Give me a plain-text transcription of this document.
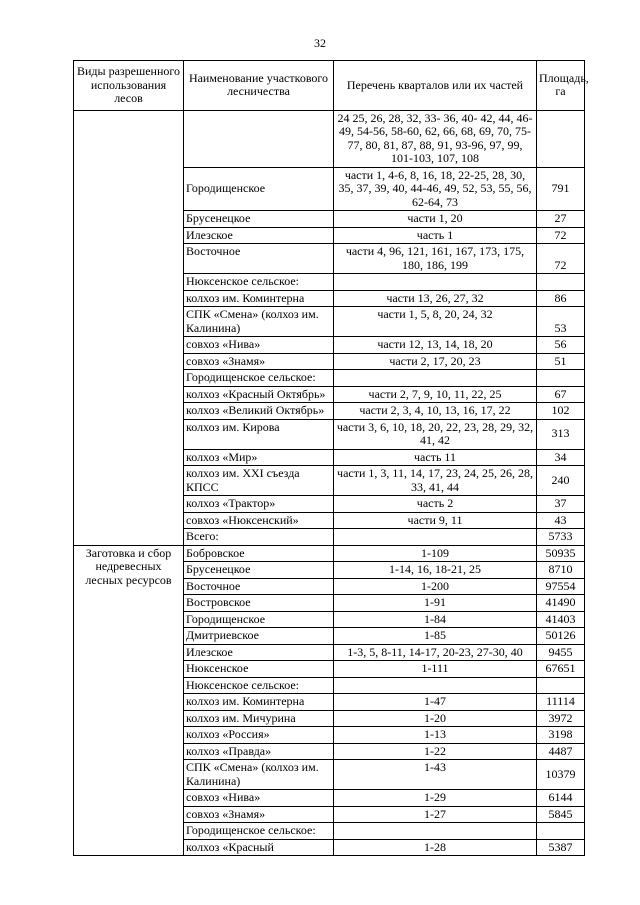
32
Виды разрешенного использования лесов	Наименование участкового лесничества	Перечень кварталов или их частей	Площадь, га
		24 25, 26, 28, 32, 33- 36, 40- 42, 44, 46- 49, 54-56, 58-60, 62, 66, 68, 69, 70, 75-77, 80, 81, 87, 88, 91, 93-96, 97, 99, 101-103, 107, 108	
	Городищенское	части 1, 4-6, 8, 16, 18, 22-25, 28, 30, 35, 37, 39, 40, 44-46, 49, 52, 53, 55, 56, 62-64, 73	791
	Брусенецкое	части 1, 20	27
	Илезское	часть 1	72
	Восточное	части 4, 96, 121, 161, 167, 173, 175, 180, 186, 199	72
	Нюксенское сельское:		
	колхоз им. Коминтерна	части 13, 26, 27, 32	86
	СПК «Смена» (колхоз им. Калинина)	части 1, 5, 8, 20, 24, 32	53
	совхоз «Нива»	части 12, 13, 14, 18, 20	56
	совхоз «Знамя»	части 2, 17, 20, 23	51
	Городищенское сельское:		
	колхоз «Красный Октябрь»	части 2, 7, 9, 10, 11, 22, 25	67
	колхоз «Великий Октябрь»	части 2, 3, 4, 10, 13, 16, 17, 22	102
	колхоз им. Кирова	части 3, 6, 10, 18, 20, 22, 23, 28, 29, 32, 41, 42	313
	колхоз «Мир»	часть 11	34
	колхоз им. XXI съезда КПСС	части 1, 3, 11, 14, 17, 23, 24, 25, 26, 28, 33, 41, 44	240
	колхоз «Трактор»	часть 2	37
	совхоз «Нюксенский»	части 9, 11	43
	Всего:		5733
Заготовка и сбор недревесных лесных ресурсов	Бобровское	1-109	50935
	Брусенецкое	1-14, 16, 18-21, 25	8710
	Восточное	1-200	97554
	Востровское	1-91	41490
	Городищенское	1-84	41403
	Дмитриевское	1-85	50126
	Илезское	1-3, 5, 8-11, 14-17, 20-23, 27-30, 40	9455
	Нюксенское	1-111	67651
	Нюксенское сельское:		
	колхоз им. Коминтерна	1-47	11114
	колхоз им. Мичурина	1-20	3972
	колхоз «Россия»	1-13	3198
	колхоз «Правда»	1-22	4487
	СПК «Смена» (колхоз им. Калинина)	1-43	10379
	совхоз «Нива»	1-29	6144
	совхоз «Знамя»	1-27	5845
	Городищенское сельское:		
	колхоз «Красный	1-28	5387
